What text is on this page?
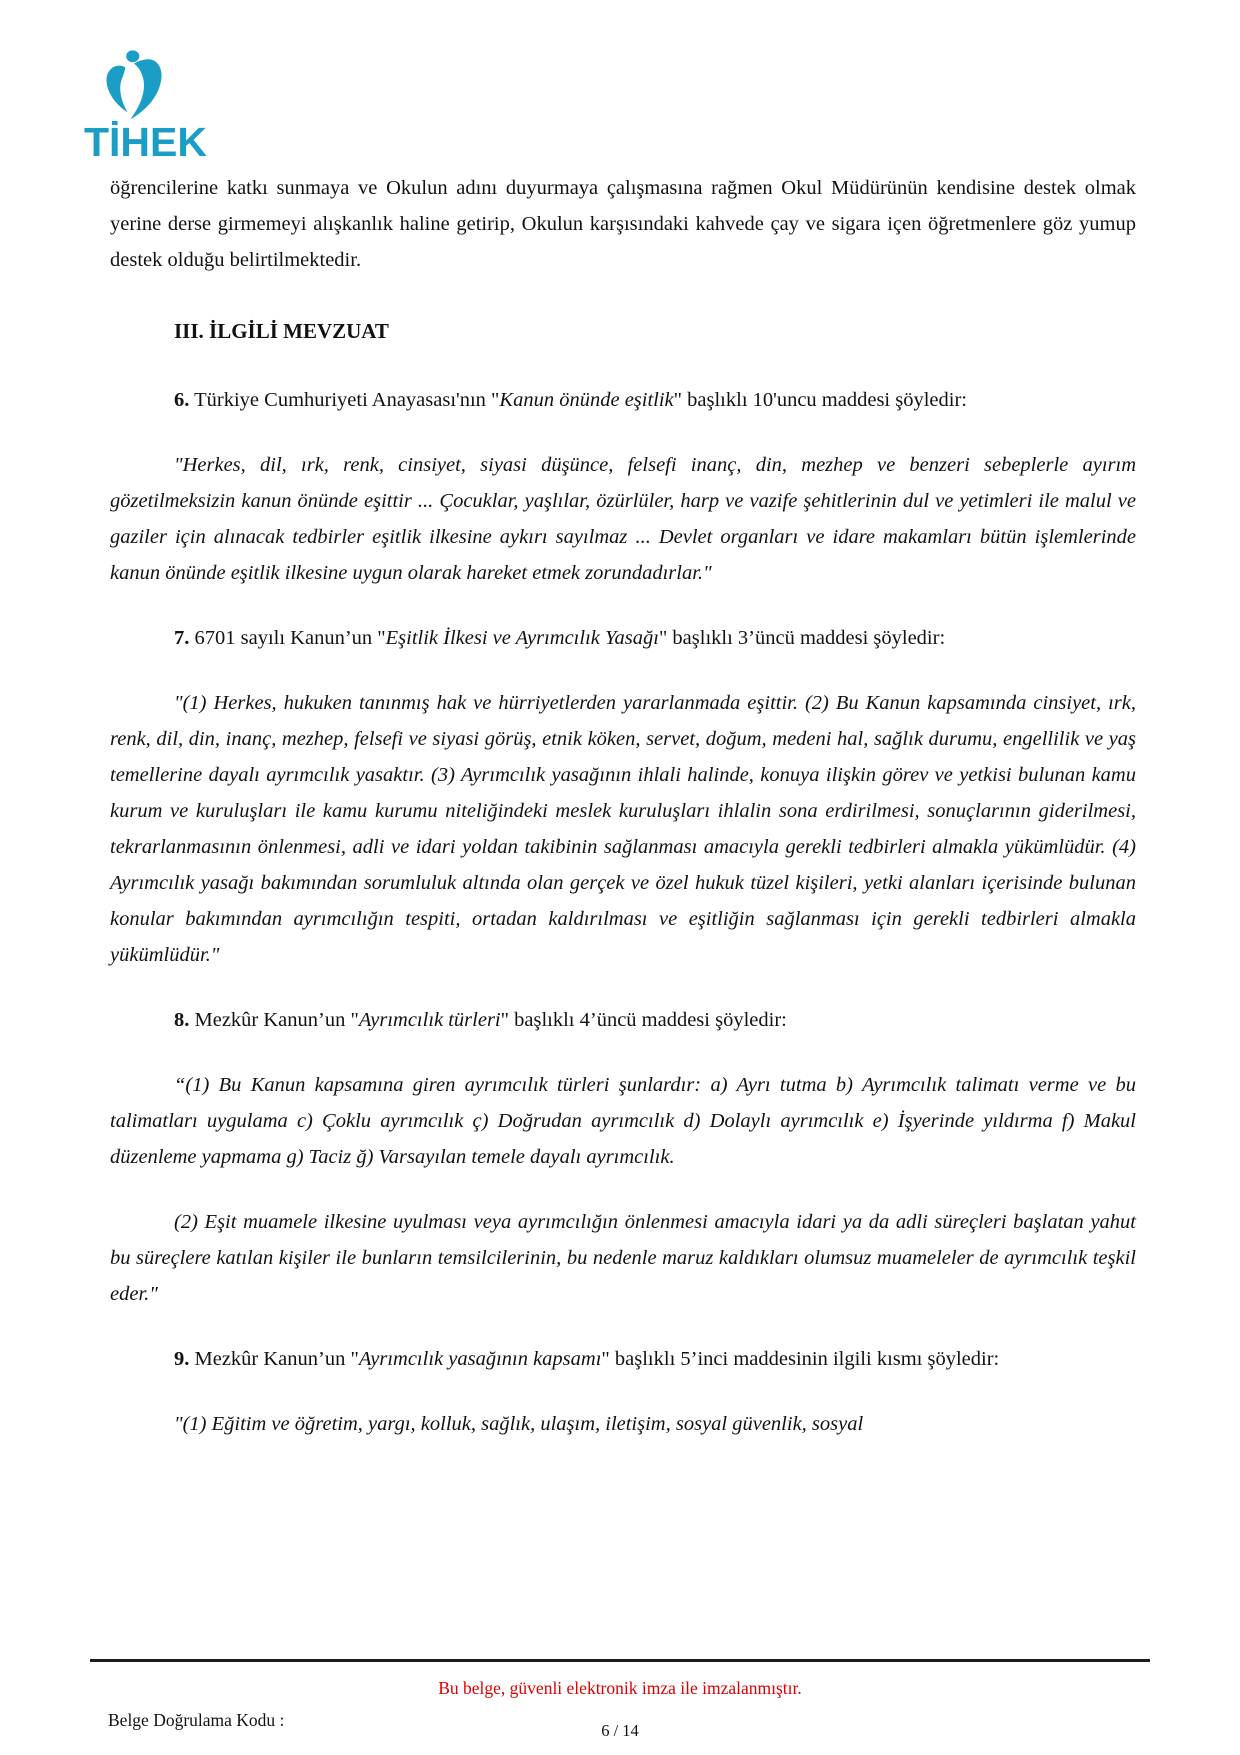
TİHEK

öğrencilerine katkı sunmaya ve Okulun adını duyurmaya çalışmasına rağmen Okul Müdürünün kendisine destek olmak yerine derse girmemeyi alışkanlık haline getirip, Okulun karşısındaki kahvede çay ve sigara içen öğretmenlere göz yumup destek olduğu belirtilmektedir.

III. İLGİLİ MEVZUAT

6. Türkiye Cumhuriyeti Anayasası'nın "Kanun önünde eşitlik" başlıklı 10'uncu maddesi şöyledir:

"Herkes, dil, ırk, renk, cinsiyet, siyasi düşünce, felsefi inanç, din, mezhep ve benzeri sebeplerle ayırım gözetilmeksizin kanun önünde eşittir ... Çocuklar, yaşlılar, özürlüler, harp ve vazife şehitlerinin dul ve yetimleri ile malul ve gaziler için alınacak tedbirler eşitlik ilkesine aykırı sayılmaz ... Devlet organları ve idare makamları bütün işlemlerinde kanun önünde eşitlik ilkesine uygun olarak hareket etmek zorundadırlar."

7. 6701 sayılı Kanun’un "Eşitlik İlkesi ve Ayrımcılık Yasağı" başlıklı 3’üncü maddesi şöyledir:

"(1) Herkes, hukuken tanınmış hak ve hürriyetlerden yararlanmada eşittir. (2) Bu Kanun kapsamında cinsiyet, ırk, renk, dil, din, inanç, mezhep, felsefi ve siyasi görüş, etnik köken, servet, doğum, medeni hal, sağlık durumu, engellilik ve yaş temellerine dayalı ayrımcılık yasaktır. (3) Ayrımcılık yasağının ihlali halinde, konuya ilişkin görev ve yetkisi bulunan kamu kurum ve kuruluşları ile kamu kurumu niteliğindeki meslek kuruluşları ihlalin sona erdirilmesi, sonuçlarının giderilmesi, tekrarlanmasının önlenmesi, adli ve idari yoldan takibinin sağlanması amacıyla gerekli tedbirleri almakla yükümlüdür. (4) Ayrımcılık yasağı bakımından sorumluluk altında olan gerçek ve özel hukuk tüzel kişileri, yetki alanları içerisinde bulunan konular bakımından ayrımcılığın tespiti, ortadan kaldırılması ve eşitliğin sağlanması için gerekli tedbirleri almakla yükümlüdür."

8. Mezkûr Kanun’un "Ayrımcılık türleri" başlıklı 4’üncü maddesi şöyledir:

“(1) Bu Kanun kapsamına giren ayrımcılık türleri şunlardır: a) Ayrı tutma b) Ayrımcılık talimatı verme ve bu talimatları uygulama c) Çoklu ayrımcılık ç) Doğrudan ayrımcılık d) Dolaylı ayrımcılık e) İşyerinde yıldırma f) Makul düzenleme yapmama g) Taciz ğ) Varsayılan temele dayalı ayrımcılık.

(2) Eşit muamele ilkesine uyulması veya ayrımcılığın önlenmesi amacıyla idari ya da adli süreçleri başlatan yahut bu süreçlere katılan kişiler ile bunların temsilcilerinin, bu nedenle maruz kaldıkları olumsuz muameleler de ayrımcılık teşkil eder."

9. Mezkûr Kanun’un "Ayrımcılık yasağının kapsamı" başlıklı 5’inci maddesinin ilgili kısmı şöyledir:

"(1) Eğitim ve öğretim, yargı, kolluk, sağlık, ulaşım, iletişim, sosyal güvenlik, sosyal

Bu belge, güvenli elektronik imza ile imzalanmıştır.
Belge Doğrulama Kodu :
6 / 14
